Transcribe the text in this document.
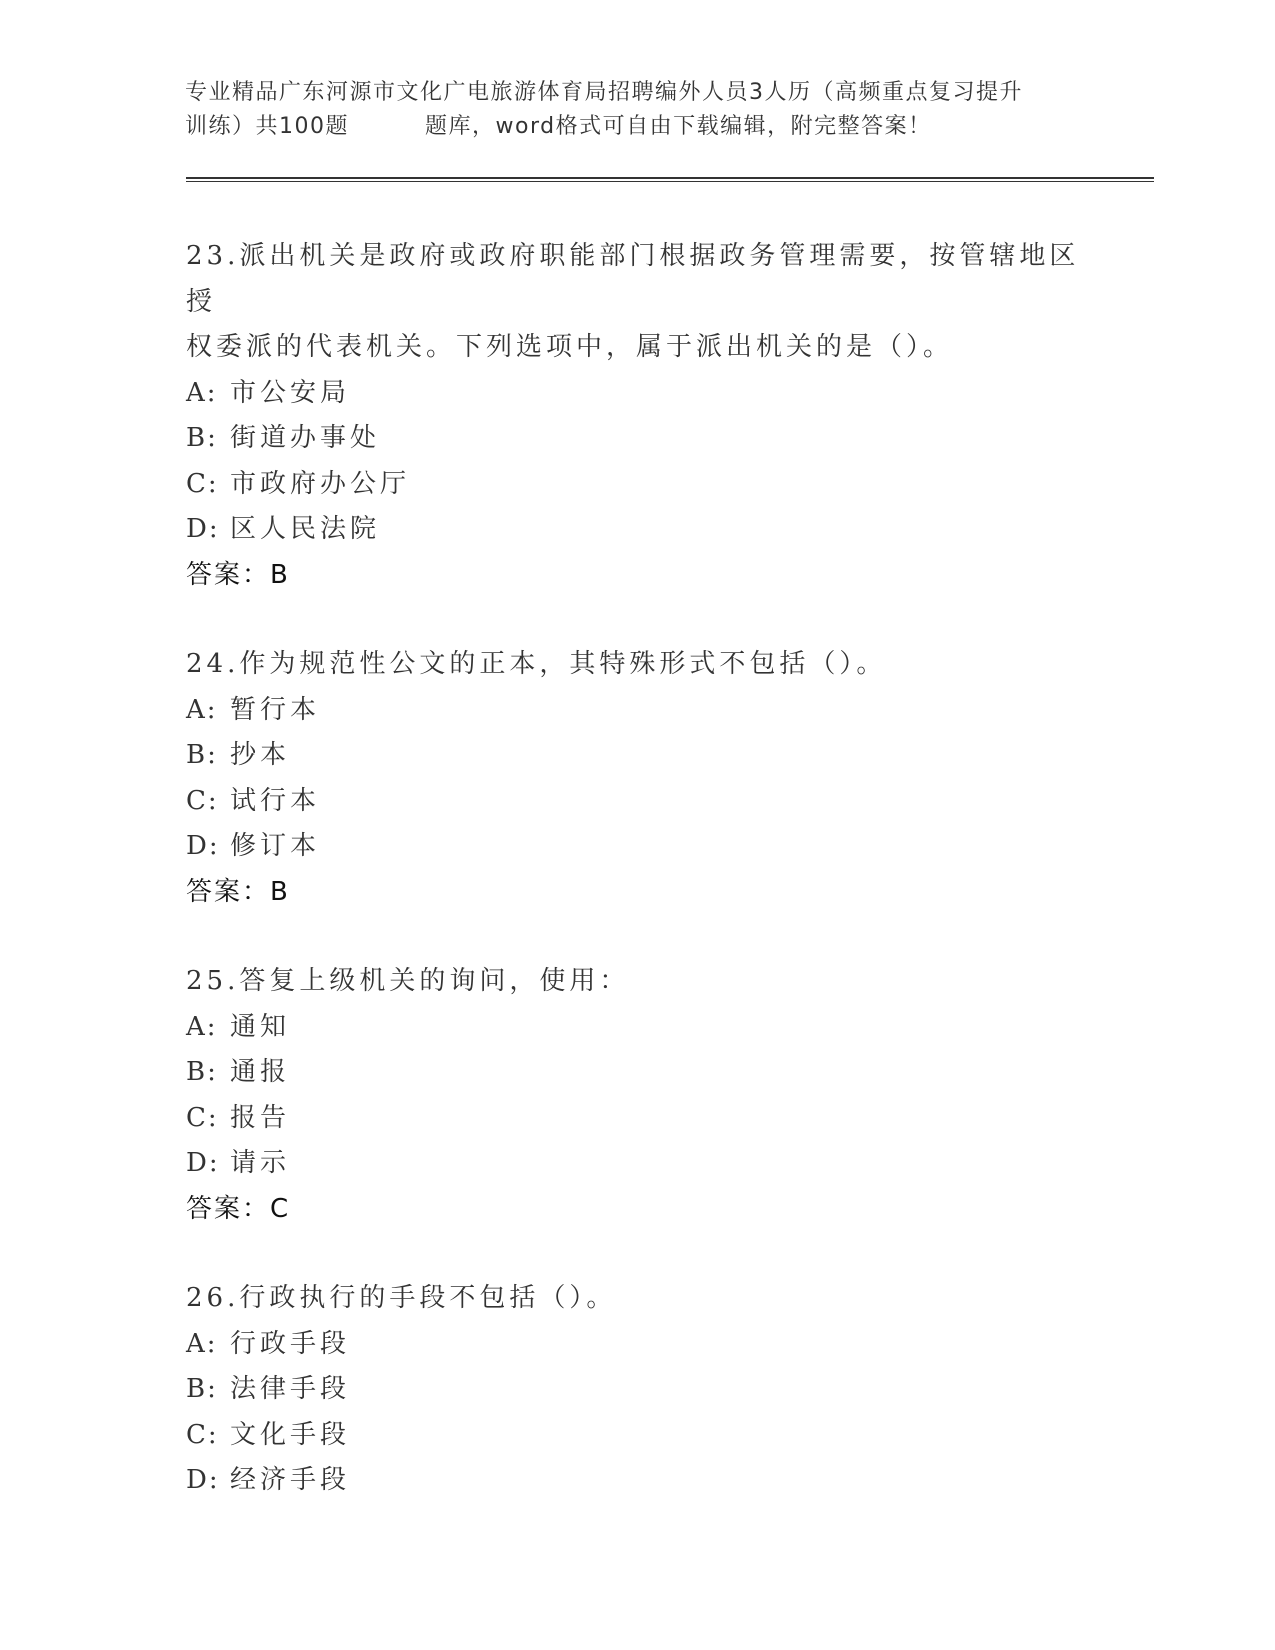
专业精品广东河源市文化广电旅游体育局招聘编外人员3人历（高频重点复习提升
训练）共100题	题库，word格式可自由下载编辑，附完整答案！

23.派出机关是政府或政府职能部门根据政务管理需要，按管辖地区授
权委派的代表机关。下列选项中，属于派出机关的是（）。

A: 市公安局

B: 街道办事处

C: 市政府办公厅

D: 区人民法院

答案：B

24.作为规范性公文的正本，其特殊形式不包括（）。

A: 暂行本

B: 抄本

C: 试行本

D: 修订本

答案：B

25.答复上级机关的询问，使用：

A: 通知

B: 通报

C: 报告

D: 请示

答案：C

26.行政执行的手段不包括（）。

A: 行政手段

B: 法律手段

C: 文化手段

D: 经济手段
